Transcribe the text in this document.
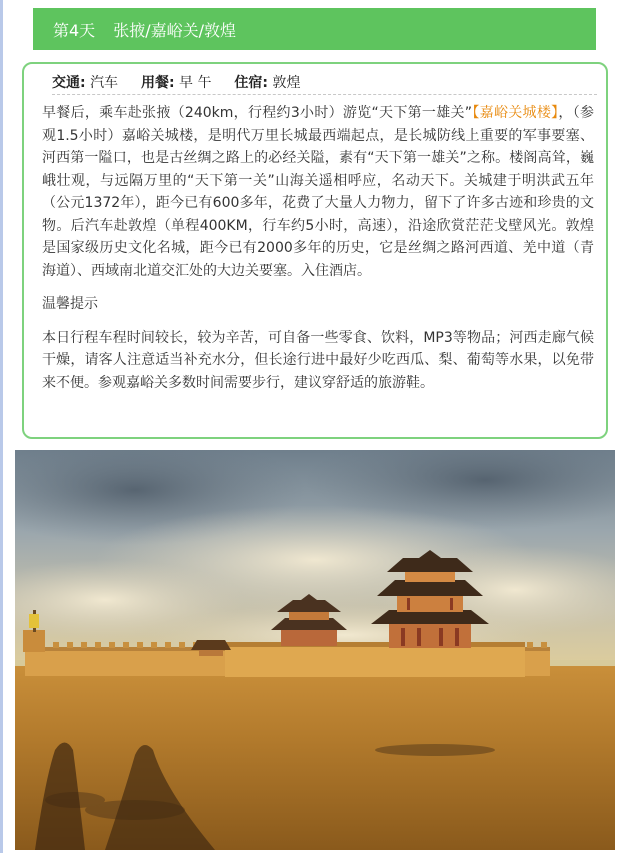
第4天 张掖/嘉峪关/敦煌
交通: 汽车 用餐: 早 午 住宿: 敦煌

早餐后，乘车赴张掖（240km，行程约3小时）游览“天下第一雄关”【嘉峪关城楼】，（参观1.5小时）嘉峪关城楼，是明代万里长城最西端起点，是长城防线上重要的军事要塞、河西第一隘口，也是古丝绸之路上的必经关隘，素有“天下第一雄关”之称。楼阁高耸，巍峨壮观，与远隔万里的“天下第一关”山海关遥相呼应，名动天下。关城建于明洪武五年（公元1372年），距今已有600多年，花费了大量人力物力，留下了许多古迹和珍贵的文物。后汽车赴敦煌（单程400KM，行车约5小时，高速），沿途欣赏茫茫戈壁风光。敦煌是国家级历史文化名城，距今已有2000多年的历史，它是丝绸之路河西道、羌中道（青海道）、西域南北道交汇处的大边关要塞。入住酒店。

温馨提示

本日行程车程时间较长，较为辛苦，可自备一些零食、饮料，MP3等物品；河西走廊气候干燥，请客人注意适当补充水分，但长途行进中最好少吃西瓜、梨、葡萄等水果，以免带来不便。参观嘉峪关多数时间需要步行，建议穿舒适的旅游鞋。
